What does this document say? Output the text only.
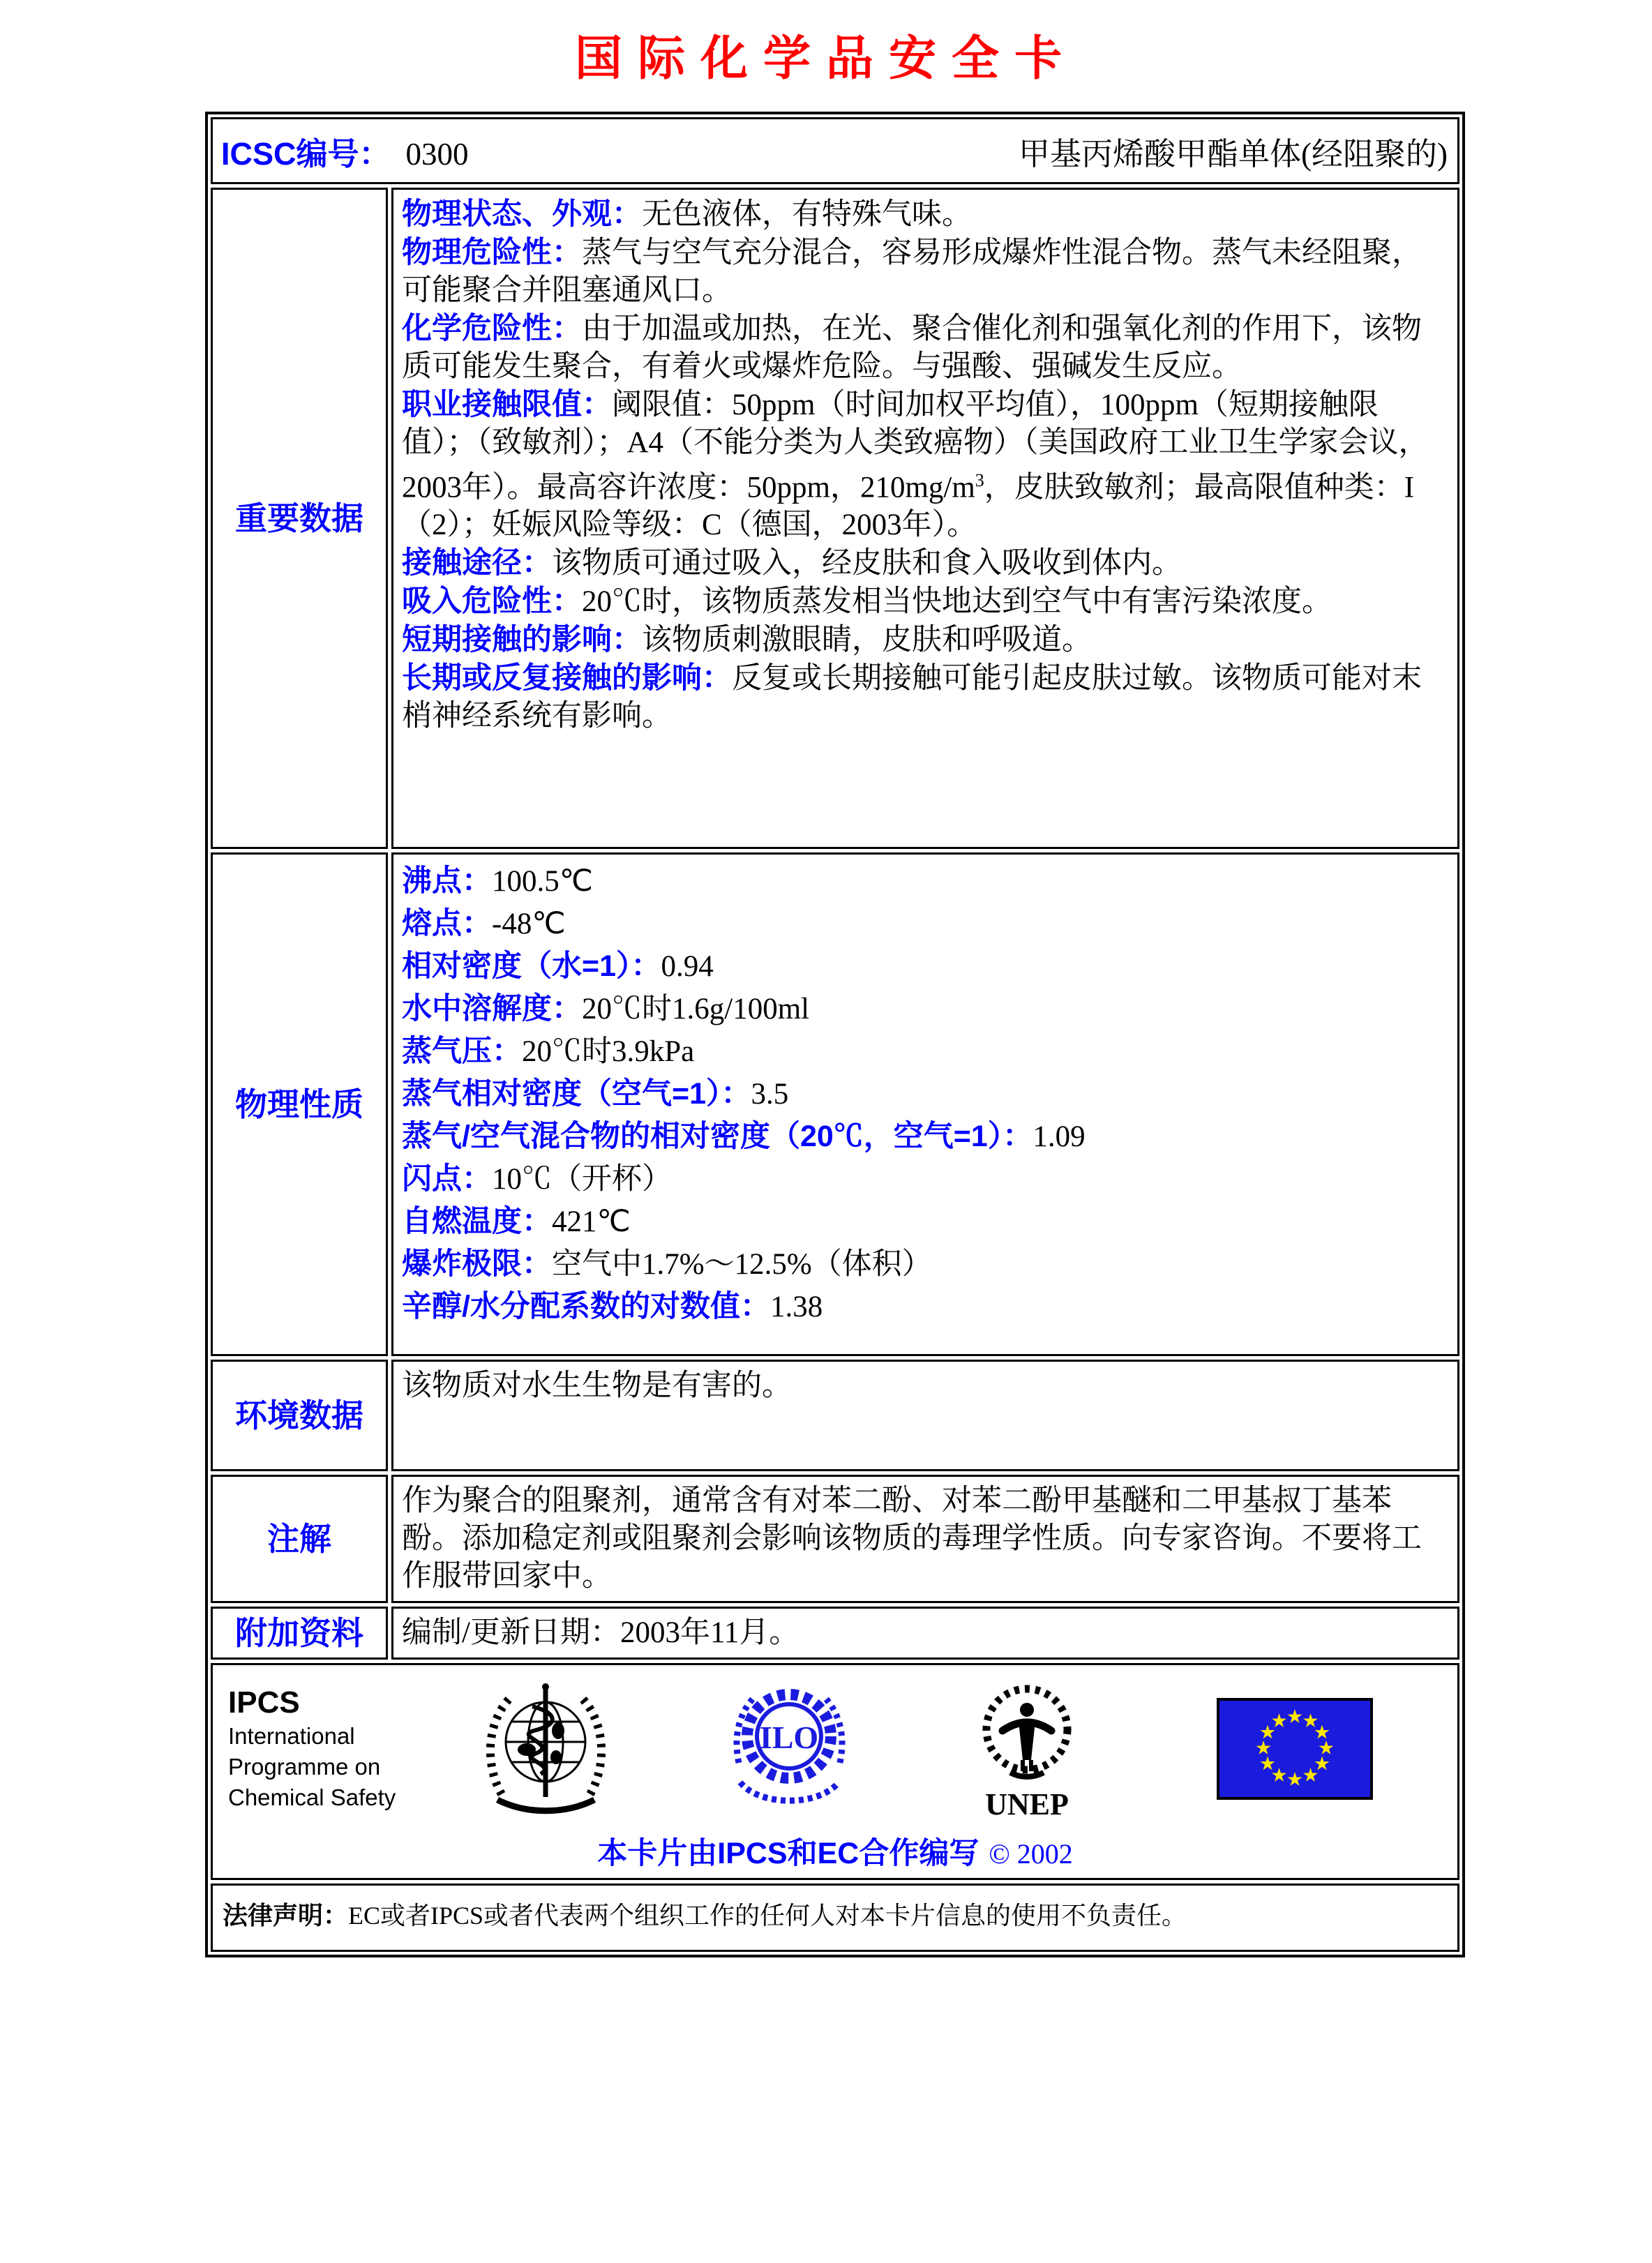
国际化学品安全卡
ICSC编号： 0300	甲基丙烯酸甲酯单体(经阻聚的)
重要数据
物理状态、外观：无色液体，有特殊气味。
物理危险性：蒸气与空气充分混合，容易形成爆炸性混合物。蒸气未经阻聚，可能聚合并阻塞通风口。
化学危险性：由于加温或加热，在光、聚合催化剂和强氧化剂的作用下，该物质可能发生聚合，有着火或爆炸危险。与强酸、强碱发生反应。
职业接触限值：阈限值：50ppm（时间加权平均值），100ppm（短期接触限值）；（致敏剂）；A4（不能分类为人类致癌物）（美国政府工业卫生学家会议，2003年）。最高容许浓度：50ppm，$210mg/m^3$，皮肤致敏剂；最高限值种类：I（2）；妊娠风险等级：C（德国，2003年）。
接触途径：该物质可通过吸入，经皮肤和食入吸收到体内。
吸入危险性：20℃时，该物质蒸发相当快地达到空气中有害污染浓度。
短期接触的影响：该物质刺激眼睛，皮肤和呼吸道。
长期或反复接触的影响：反复或长期接触可能引起皮肤过敏。该物质可能对末梢神经系统有影响。
物理性质
沸点：100.5℃
熔点：-48℃
相对密度（水=1）：0.94
水中溶解度：20℃时1.6g/100ml
蒸气压：20℃时3.9kPa
蒸气相对密度（空气=1）：3.5
蒸气/空气混合物的相对密度（20℃，空气=1）：1.09
闪点：10℃（开杯）
自燃温度：421℃
爆炸极限：空气中1.7%～12.5%（体积）
辛醇/水分配系数的对数值：1.38
环境数据
该物质对水生生物是有害的。
注解
作为聚合的阻聚剂，通常含有对苯二酚、对苯二酚甲基醚和二甲基叔丁基苯酚。添加稳定剂或阻聚剂会影响该物质的毒理学性质。向专家咨询。不要将工作服带回家中。
附加资料	编制/更新日期：2003年11月。
IPCS
International
Programme on
Chemical Safety
ILO
UNEP
本卡片由IPCS和EC合作编写 © 2002
法律声明：EC或者IPCS或者代表两个组织工作的任何人对本卡片信息的使用不负责任。
